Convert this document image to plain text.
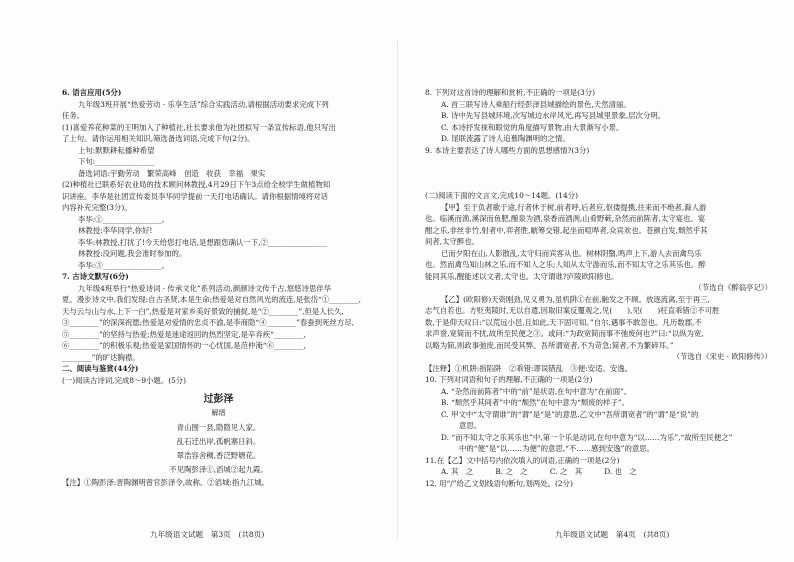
6. 语言应用(5分)
九年级3班开展“热爱劳动 · 乐享生活”综合实践活动,请根据活动要求完成下列
任务。
(1)喜爱养花种菜的王明加入了种植社,社长要求他为社团拟写一条宣传标语,他只写出
了上句。请你运用相关知识,筛选备选词语,完成下句(2分)。
上句:默默耕耘播种希望
下句:________________
备选词语:宇勤劳动　繁荣高峰　创造　收获　幸福　果实
(2)种植社已联系好农业局的技术顾问林教授,4月29日下午3点给全校学生做植物知
识讲座。李华是社团宣传委员李华同学提前一天打电话确认。请你根据情境将对话
内容补充完整(3分)。
李华:①________________。
林教授:李华同学,你好!
李华:林教授,打扰了!今天给您打电话,是想跟您确认一下,②________________
林教授:没问题,我会准时参加的。
李华:③________________。
7. 古诗文默写(6分)
九年级4班举行“热爱诗词 · 传承文化”系列活动,颜颜诗文传千古,悠悠诗思伴华
夏。漫步诗文中,我们发现:自古圣贤,本是生命;热爱是对自然风光的流连,是张岱“①________,
天与云与山与水,上下一白”,热爱是对家乡美好景致的捕捉,是“②________”,但是人长久,
③________”的深深祝愿;热爱是对爱情的忠贞不渝,是李商隐“④________”春蚕到死丝方尽,
⑤________”的坚持与热爱;热爱是迷途返回的热烈坚定,是辛弃疾“________,
⑥________”的积极乐观;热爱是家国情怀的一心忧国,是范仲淹“⑥________,
________”的旷达胸襟。
二、阅读与鉴赏(44分)
(一)阅读古诗词,完成8～9小题。(5分)
过彭泽
解缙
青山围一县,隐隐见人家。
乱石迁出岸,孤帆寨日斜。
翠浩容舍稠,香泛野塘花。
不见陶彭泽①,滔城②起九霞。
【注】①陶彭泽:晋陶渊明曾官彭泽令,故称。②滔城:指九江城。
8. 下列对这首诗的理解和赏析,不正确的一项是(3分)
A. 首三联写诗人乘船行经彭泽县城描绘的景色,天然清丽。
B. 诗中先写县城环境,次写城边水岸风光,再写县城里景象,层次分明。
C. 本诗抒发视和眼觉的角度描写景物,由大景渐写小景。
D. 尾联流露了诗人追慕陶渊明的之情。
9. 本诗主要表达了诗人哪些方面的思想感情?(3分)
(二)阅读下面的文言文,完成10～14题。(14分)
【甲】至于负者歌于途,行者休于树,前者呼,后者应,伛偻提携,往来而不绝者,滁人游
也。临溪而渔,溪深而鱼肥,酿泉为酒,泉香而酒洌,山肴野蔌,杂然而前陈者,太守宴也。宴
酣之乐,非丝非竹,射者中,弈者胜,觥筹交错,起坐而喧哗者,众宾欢也。苍颜白发,颓然乎其
间者,太守醉也。
已而夕阳在山,人影散乱,太守归而宾客从也。树林阴翳,鸣声上下,游人去而禽鸟乐
也。然而禽鸟知山林之乐,而不知人之乐;人知从太守游而乐,而不知太守之乐其乐也。醉
能同其乐,醒能述以文者,太守也。太守谓谁?庐陵欧阳修也。
（节选自《醉翁亭记》）
【乙】(欧阳修)天资刚劲,见义勇为,虽机阱①在前,触发之不顾。放逐流离,至于再三,
志气自若也。方贬夷陵时,无以自遣,因取旧案反覆观之,见(　　),见(　　)枉直乖错②不可胜
数,于是仰天叹曰:“以荒远小邑,且如此,天下固可知。”自尔,遇事不敢忽也。凡历数郡,不
求声誉,宽简而不扰,故所至民便之③。或问:“为政宽简而事不弛废何也?”曰:“以纵为宽,
以略为简,则政事弛废,而民受其弊。吾所谓宽者,不为苛急;简者,不为繁碎耳。”
（节选自《宋史 · 欧阳修传》）
【注释】①机阱:指陷阱　②乖错:谬误错乱　③便:安适、安逸。
10. 下列对词语和句子的理解,不正确的一项是(2分)
A. “杂然而前陈者”中的“前”是状语,在句中意为“在前面”。
B. “颓然乎其间者”中的“颓然”在句中意为“颓废的样子”。
C. 甲文中“太守谓谁”的“谓”是“是”的意思,乙文中“吾所谓宽者”的“谓”是“说”的
意思。
D. “而不知太守之乐其乐也”中,第一个乐是动词,在句中意为“以……为乐”,“故所至民便之”
中的“便”是“以……为便”的意思,“不……感到安逸”的意思。
11.在【乙】文中括号内依次填入的词语,正确的一项是(2分)
A. 其　之　　　B. 之　之　　　C. 之　其　　　D. 也　之
12. 用“/”给乙文划线语句断句,划两处。(2分)
九年级语文试题　第3页　(共8页)	九年级语文试题　第4页　(共8页)
